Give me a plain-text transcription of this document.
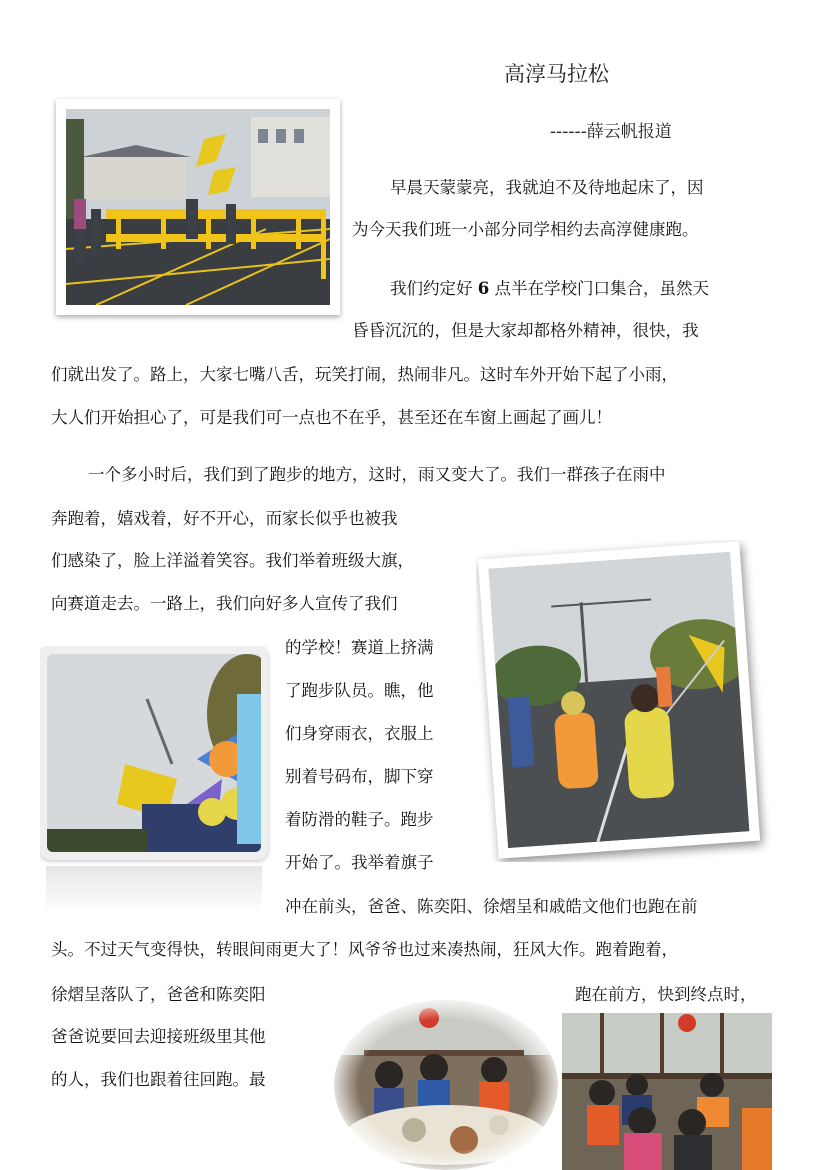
高淳马拉松
------薛云帆报道
早晨天蒙蒙亮，我就迫不及待地起床了，因
为今天我们班一小部分同学相约去高淳健康跑。
我们约定好 6 点半在学校门口集合，虽然天
昏昏沉沉的，但是大家却都格外精神，很快，我
们就出发了。路上，大家七嘴八舌，玩笑打闹，热闹非凡。这时车外开始下起了小雨，
大人们开始担心了，可是我们可一点也不在乎，甚至还在车窗上画起了画儿！
一个多小时后，我们到了跑步的地方，这时，雨又变大了。我们一群孩子在雨中
奔跑着，嬉戏着，好不开心，而家长似乎也被我
们感染了，脸上洋溢着笑容。我们举着班级大旗，
向赛道走去。一路上，我们向好多人宣传了我们
的学校！赛道上挤满
了跑步队员。瞧，他
们身穿雨衣，衣服上
别着号码布，脚下穿
着防滑的鞋子。跑步
开始了。我举着旗子
冲在前头，爸爸、陈奕阳、徐熠呈和戚皓文他们也跑在前
头。不过天气变得快，转眼间雨更大了！风爷爷也过来凑热闹，狂风大作。跑着跑着，
徐熠呈落队了，爸爸和陈奕阳	跑在前方，快到终点时，
爸爸说要回去迎接班级里其他
的人，我们也跟着往回跑。最
